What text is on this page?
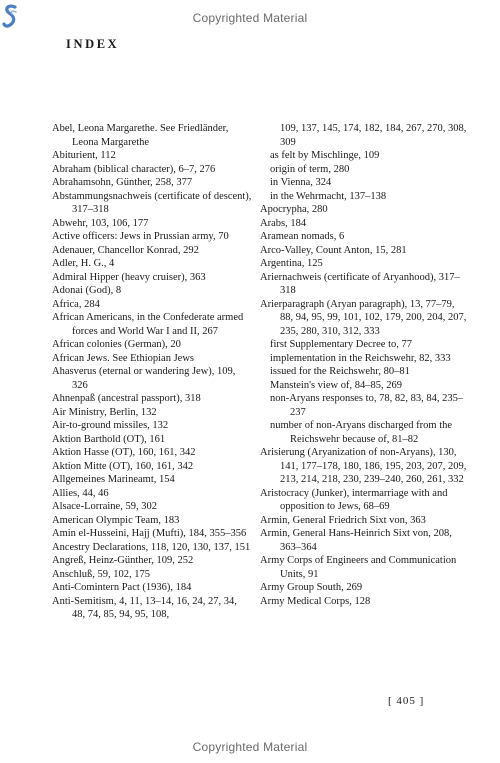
Copyrighted Material
INDEX
Abel, Leona Margarethe. See Friedländer, Leona Margarethe
Abiturient, 112
Abraham (biblical character), 6–7, 276
Abrahamsohn, Günther, 258, 377
Abstammungsnachweis (certificate of descent), 317–318
Abwehr, 103, 106, 177
Active officers: Jews in Prussian army, 70
Adenauer, Chancellor Konrad, 292
Adler, H. G., 4
Admiral Hipper (heavy cruiser), 363
Adonai (God), 8
Africa, 284
African Americans, in the Confederate armed forces and World War I and II, 267
African colonies (German), 20
African Jews. See Ethiopian Jews
Ahasverus (eternal or wandering Jew), 109, 326
Ahnenpaß (ancestral passport), 318
Air Ministry, Berlin, 132
Air-to-ground missiles, 132
Aktion Barthold (OT), 161
Aktion Hasse (OT), 160, 161, 342
Aktion Mitte (OT), 160, 161, 342
Allgemeines Marineamt, 154
Allies, 44, 46
Alsace-Lorraine, 59, 302
American Olympic Team, 183
Amin el-Husseini, Hajj (Mufti), 184, 355–356
Ancestry Declarations, 118, 120, 130, 137, 151
Angreß, Heinz-Günther, 109, 252
Anschluß, 59, 102, 175
Anti-Comintern Pact (1936), 184
Anti-Semitism, 4, 11, 13–14, 16, 24, 27, 34, 48, 74, 85, 94, 95, 108,
109, 137, 145, 174, 182, 184, 267, 270, 308, 309
as felt by Mischlinge, 109
origin of term, 280
in Vienna, 324
in the Wehrmacht, 137–138
Apocrypha, 280
Arabs, 184
Aramean nomads, 6
Arco-Valley, Count Anton, 15, 281
Argentina, 125
Ariernachweis (certificate of Aryanhood), 317–318
Arierparagraph (Aryan paragraph), 13, 77–79, 88, 94, 95, 99, 101, 102, 179, 200, 204, 207, 235, 280, 310, 312, 333
first Supplementary Decree to, 77
implementation in the Reichswehr, 82, 333
issued for the Reichswehr, 80–81
Manstein's view of, 84–85, 269
non-Aryans responses to, 78, 82, 83, 84, 235–237
number of non-Aryans discharged from the Reichswehr because of, 81–82
Arisierung (Aryanization of non-Aryans), 130, 141, 177–178, 180, 186, 195, 203, 207, 209, 213, 214, 218, 230, 239–240, 260, 261, 332
Aristocracy (Junker), intermarriage with and opposition to Jews, 68–69
Armin, General Friedrich Sixt von, 363
Armin, General Hans-Heinrich Sixt von, 208, 363–364
Army Corps of Engineers and Communication Units, 91
Army Group South, 269
Army Medical Corps, 128
[ 405 ]
Copyrighted Material
